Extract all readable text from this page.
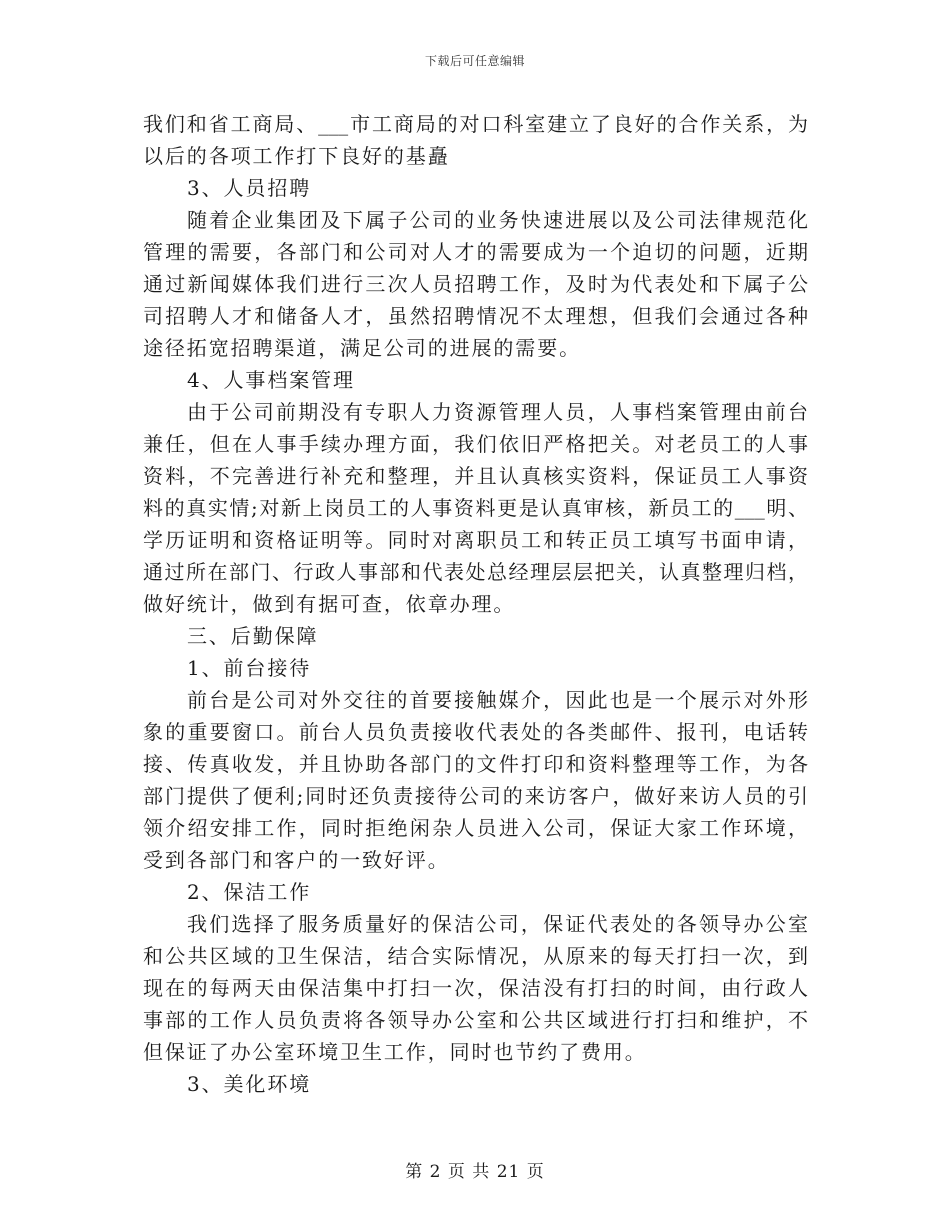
下载后可任意编辑
我们和省工商局、___市工商局的对口科室建立了良好的合作关系，为
以后的各项工作打下良好的基矗
3、人员招聘
随着企业集团及下属子公司的业务快速进展以及公司法律规范化
管理的需要，各部门和公司对人才的需要成为一个迫切的问题，近期
通过新闻媒体我们进行三次人员招聘工作，及时为代表处和下属子公
司招聘人才和储备人才，虽然招聘情况不太理想，但我们会通过各种
途径拓宽招聘渠道，满足公司的进展的需要。
4、人事档案管理
由于公司前期没有专职人力资源管理人员，人事档案管理由前台
兼任，但在人事手续办理方面，我们依旧严格把关。对老员工的人事
资料，不完善进行补充和整理，并且认真核实资料，保证员工人事资
料的真实情;对新上岗员工的人事资料更是认真审核，新员工的___明、
学历证明和资格证明等。同时对离职员工和转正员工填写书面申请，
通过所在部门、行政人事部和代表处总经理层层把关，认真整理归档，
做好统计，做到有据可查，依章办理。
三、后勤保障
1、前台接待
前台是公司对外交往的首要接触媒介，因此也是一个展示对外形
象的重要窗口。前台人员负责接收代表处的各类邮件、报刊，电话转
接、传真收发，并且协助各部门的文件打印和资料整理等工作，为各
部门提供了便利;同时还负责接待公司的来访客户，做好来访人员的引
领介绍安排工作，同时拒绝闲杂人员进入公司，保证大家工作环境，
受到各部门和客户的一致好评。
2、保洁工作
我们选择了服务质量好的保洁公司，保证代表处的各领导办公室
和公共区域的卫生保洁，结合实际情况，从原来的每天打扫一次，到
现在的每两天由保洁集中打扫一次，保洁没有打扫的时间，由行政人
事部的工作人员负责将各领导办公室和公共区域进行打扫和维护，不
但保证了办公室环境卫生工作，同时也节约了费用。
3、美化环境
第 2 页 共 21 页
